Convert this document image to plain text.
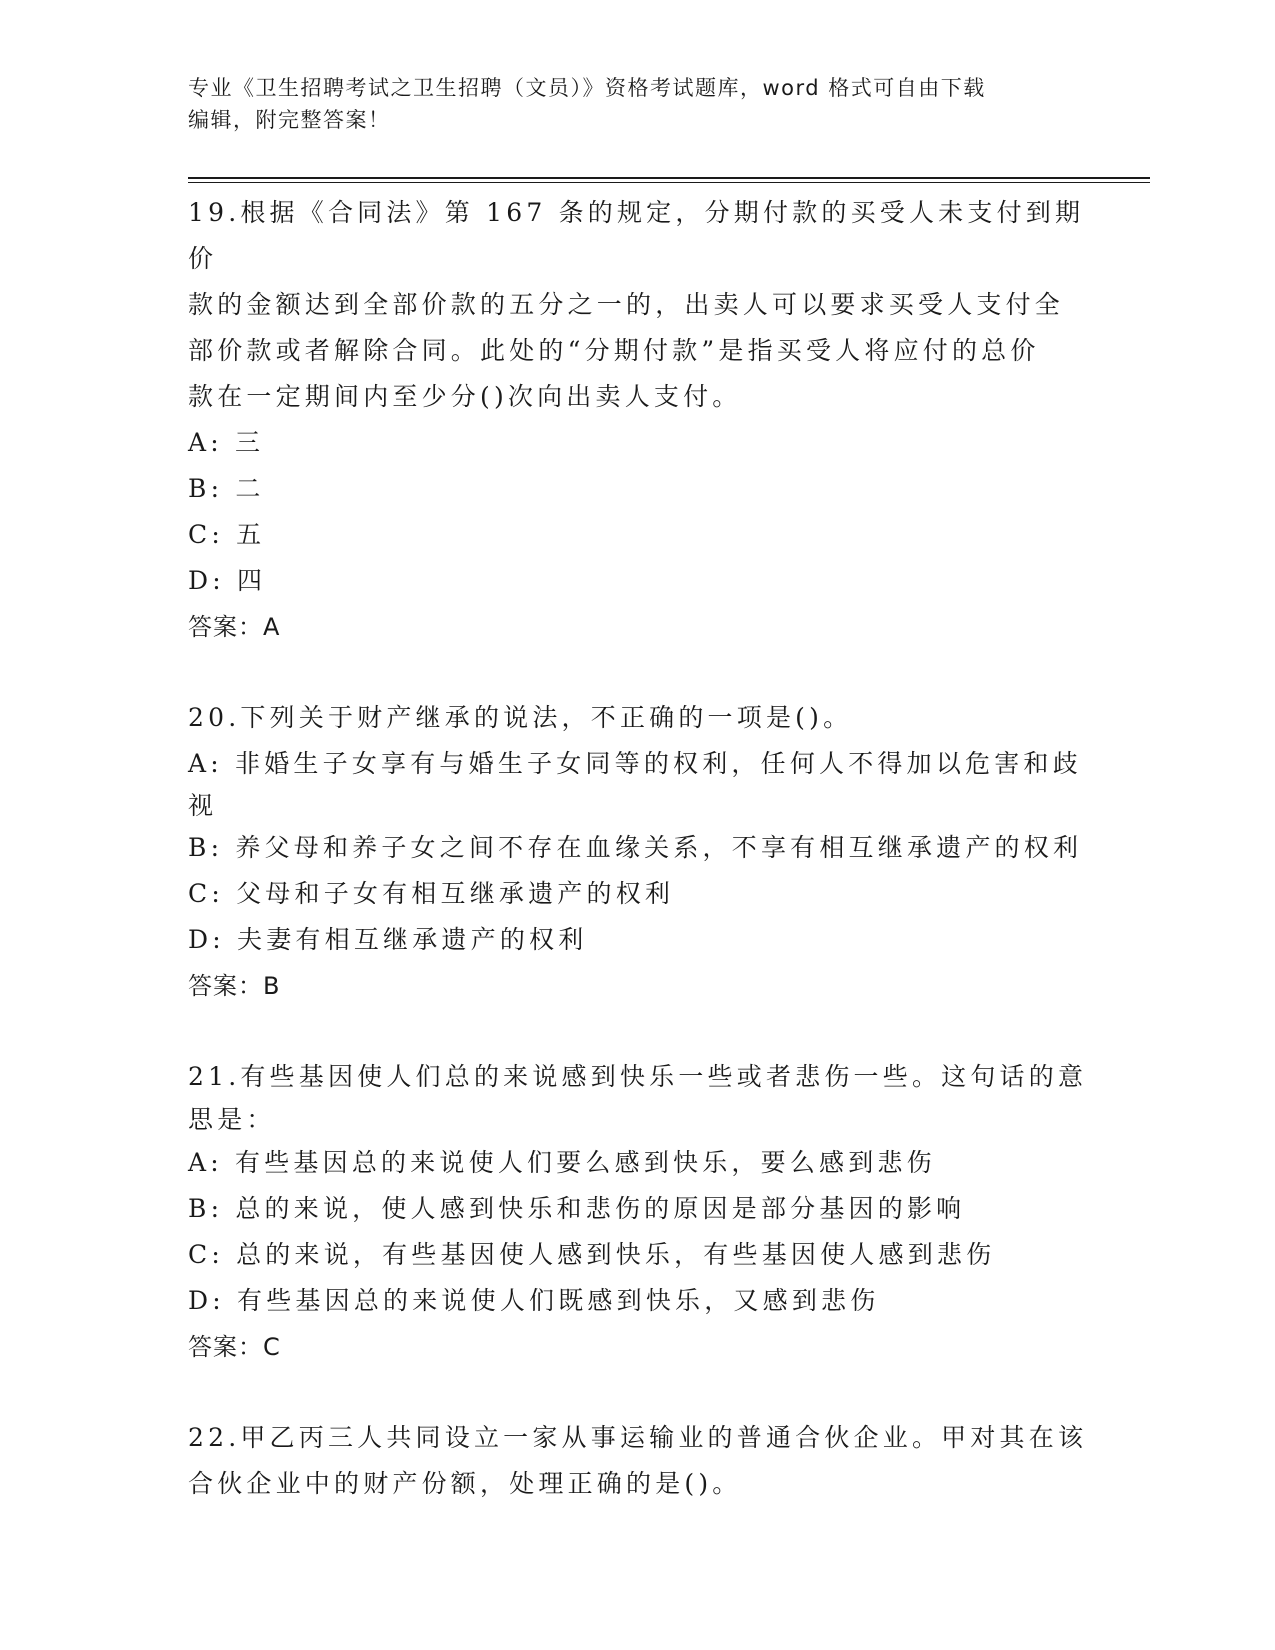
专业《卫生招聘考试之卫生招聘（文员）》资格考试题库，word 格式可自由下载
编辑，附完整答案！

19.根据《合同法》第 167 条的规定，分期付款的买受人未支付到期价

款的金额达到全部价款的五分之一的，出卖人可以要求买受人支付全

部价款或者解除合同。此处的“分期付款”是指买受人将应付的总价

款在一定期间内至少分()次向出卖人支付。

A: 三

B: 二

C: 五

D: 四

答案：A

20.下列关于财产继承的说法，不正确的一项是()。

A: 非婚生子女享有与婚生子女同等的权利，任何人不得加以危害和歧

视

B: 养父母和养子女之间不存在血缘关系，不享有相互继承遗产的权利

C: 父母和子女有相互继承遗产的权利

D: 夫妻有相互继承遗产的权利

答案：B

21.有些基因使人们总的来说感到快乐一些或者悲伤一些。这句话的意

思是：

A: 有些基因总的来说使人们要么感到快乐，要么感到悲伤

B: 总的来说，使人感到快乐和悲伤的原因是部分基因的影响

C: 总的来说，有些基因使人感到快乐，有些基因使人感到悲伤

D: 有些基因总的来说使人们既感到快乐，又感到悲伤

答案：C

22.甲乙丙三人共同设立一家从事运输业的普通合伙企业。甲对其在该

合伙企业中的财产份额，处理正确的是()。
